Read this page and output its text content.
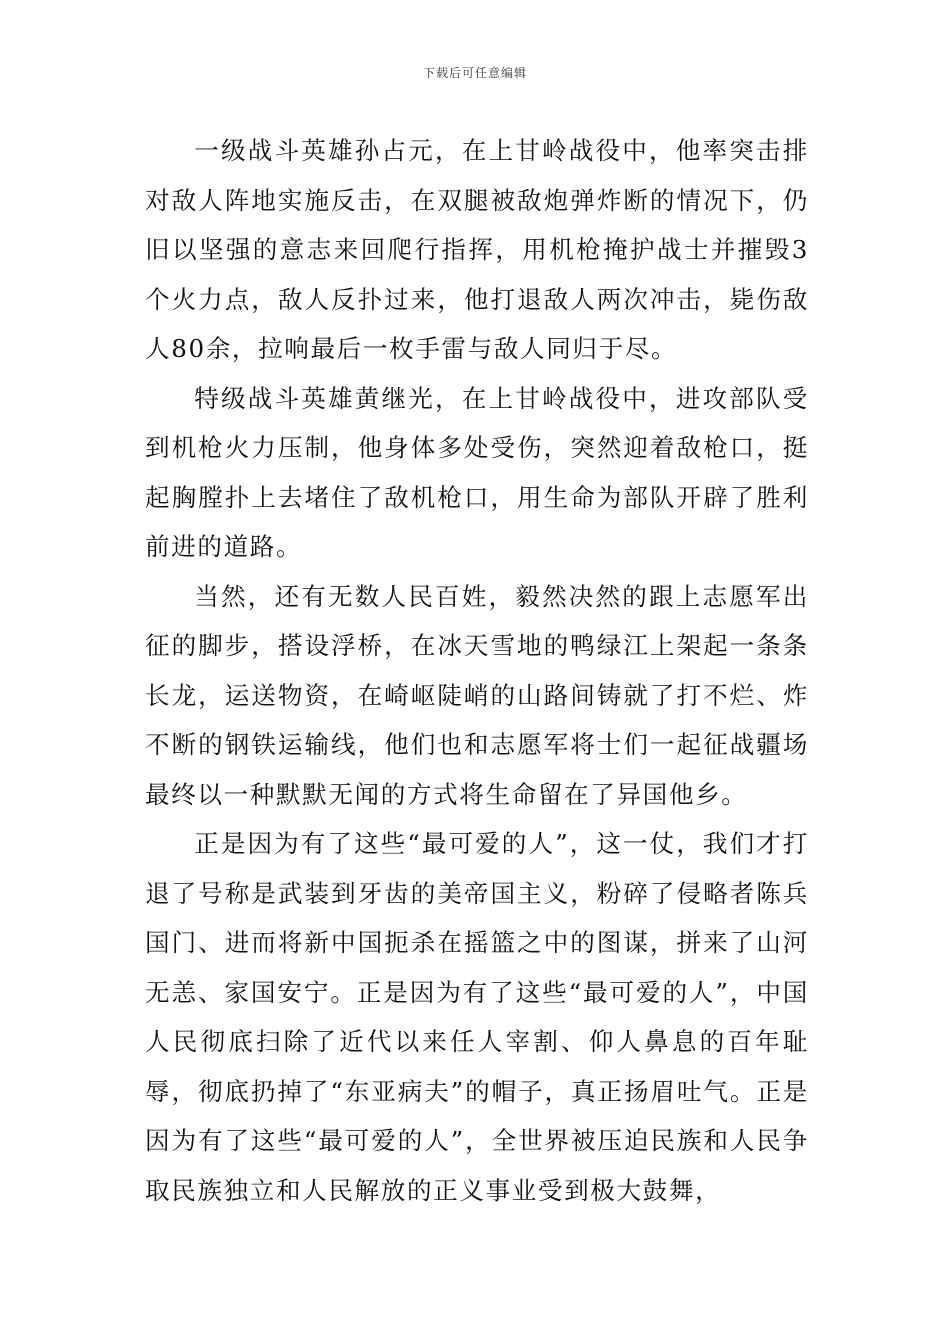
下载后可任意编辑

一级战斗英雄孙占元，在上甘岭战役中，他率突击排对敌人阵地实施反击，在双腿被敌炮弹炸断的情况下，仍旧以坚强的意志来回爬行指挥，用机枪掩护战士并摧毁3个火力点，敌人反扑过来，他打退敌人两次冲击，毙伤敌人80余，拉响最后一枚手雷与敌人同归于尽。

特级战斗英雄黄继光，在上甘岭战役中，进攻部队受到机枪火力压制，他身体多处受伤，突然迎着敌枪口，挺起胸膛扑上去堵住了敌机枪口，用生命为部队开辟了胜利前进的道路。

当然，还有无数人民百姓，毅然决然的跟上志愿军出征的脚步，搭设浮桥，在冰天雪地的鸭绿江上架起一条条长龙，运送物资，在崎岖陡峭的山路间铸就了打不烂、炸不断的钢铁运输线，他们也和志愿军将士们一起征战疆场最终以一种默默无闻的方式将生命留在了异国他乡。

正是因为有了这些“最可爱的人”，这一仗，我们才打退了号称是武装到牙齿的美帝国主义，粉碎了侵略者陈兵国门、进而将新中国扼杀在摇篮之中的图谋，拼来了山河无恙、家国安宁。正是因为有了这些“最可爱的人”，中国人民彻底扫除了近代以来任人宰割、仰人鼻息的百年耻辱，彻底扔掉了“东亚病夫”的帽子，真正扬眉吐气。正是因为有了这些“最可爱的人”，全世界被压迫民族和人民争取民族独立和人民解放的正义事业受到极大鼓舞，
